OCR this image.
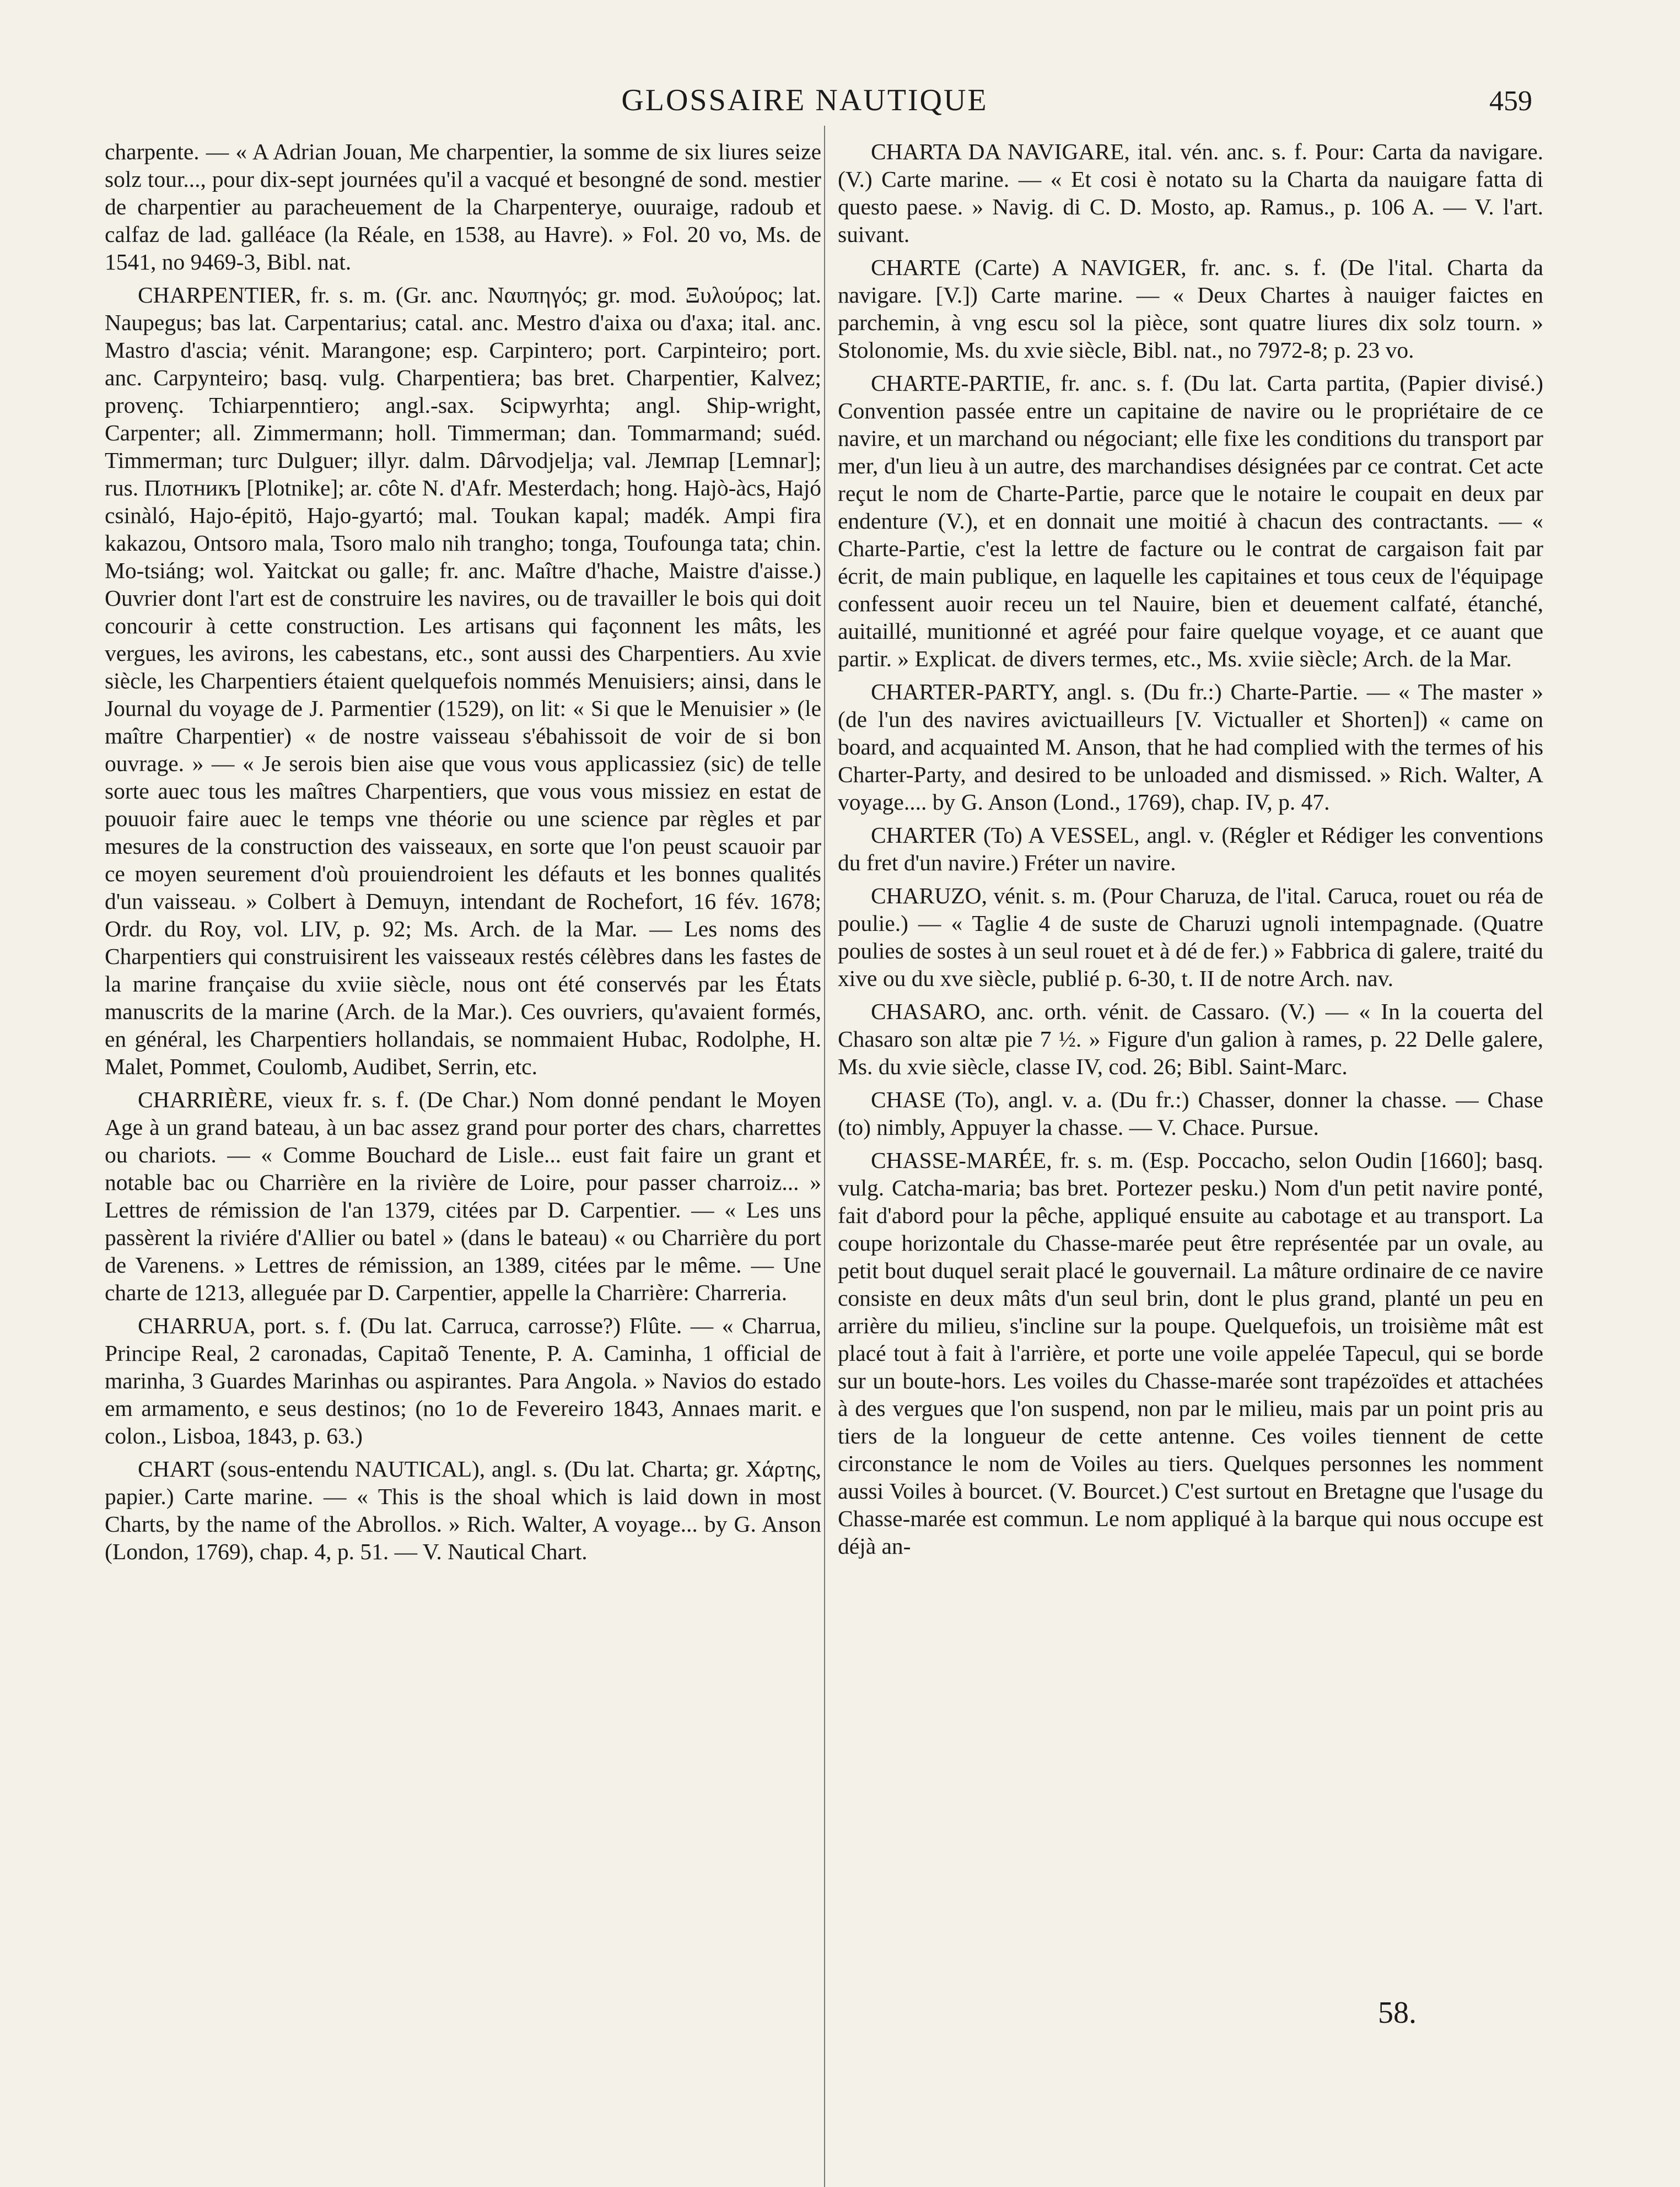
GLOSSAIRE NAUTIQUE	459

charpente. — « A Adrian Jouan, Me charpentier, la somme de six liures seize solz tour..., pour dix-sept journées qu'il a vacqué et besongné de sond. mestier de charpentier au paracheuement de la Charpenterye, ouuraige, radoub et calfaz de lad. galléace (la Réale, en 1538, au Havre). » Fol. 20 vo, Ms. de 1541, no 9469-3, Bibl. nat.

CHARPENTIER, fr. s. m. (Gr. anc. Ναυπηγός; gr. mod. Ξυλούρος; lat. Naupegus; bas lat. Carpentarius; catal. anc. Mestro d'aixa ou d'axa; ital. anc. Mastro d'ascia; vénit. Marangone; esp. Carpintero; port. Carpinteiro; port. anc. Carpynteiro; basq. vulg. Charpentiera; bas bret. Charpentier, Kalvez; provenç. Tchiarpenntiero; angl.-sax. Scipwyrhta; angl. Ship-wright, Carpenter; all. Zimmermann; holl. Timmerman; dan. Tommarmand; suéd. Timmerman; turc Dulguer; illyr. dalm. Dârvodjelja; val. Лемпар [Lemnar]; rus. Плотникъ [Plotnike]; ar. côte N. d'Afr. Mesterdach; hong. Hajò-àcs, Hajó csinàló, Hajo-épitö, Hajo-gyartó; mal. Toukan kapal; madék. Ampi fira kakazou, Ontsoro mala, Tsoro malo nih trangho; tonga, Toufounga tata; chin. Mo-tsiáng; wol. Yaitckat ou galle; fr. anc. Maître d'hache, Maistre d'aisse.) Ouvrier dont l'art est de construire les navires, ou de travailler le bois qui doit concourir à cette construction. Les artisans qui façonnent les mâts, les vergues, les avirons, les cabestans, etc., sont aussi des Charpentiers. Au xvie siècle, les Charpentiers étaient quelquefois nommés Menuisiers; ainsi, dans le Journal du voyage de J. Parmentier (1529), on lit: « Si que le Menuisier » (le maître Charpentier) « de nostre vaisseau s'ébahissoit de voir de si bon ouvrage. » — « Je serois bien aise que vous vous applicassiez (sic) de telle sorte auec tous les maîtres Charpentiers, que vous vous missiez en estat de pouuoir faire auec le temps vne théorie ou une science par règles et par mesures de la construction des vaisseaux, en sorte que l'on peust scauoir par ce moyen seurement d'où prouiendroient les défauts et les bonnes qualités d'un vaisseau. » Colbert à Demuyn, intendant de Rochefort, 16 fév. 1678; Ordr. du Roy, vol. LIV, p. 92; Ms. Arch. de la Mar. — Les noms des Charpentiers qui construisirent les vaisseaux restés célèbres dans les fastes de la marine française du xviie siècle, nous ont été conservés par les États manuscrits de la marine (Arch. de la Mar.). Ces ouvriers, qu'avaient formés, en général, les Charpentiers hollandais, se nommaient Hubac, Rodolphe, H. Malet, Pommet, Coulomb, Audibet, Serrin, etc.

CHARRIÈRE, vieux fr. s. f. (De Char.) Nom donné pendant le Moyen Age à un grand bateau, à un bac assez grand pour porter des chars, charrettes ou chariots. — « Comme Bouchard de Lisle... eust fait faire un grant et notable bac ou Charrière en la rivière de Loire, pour passer charroiz... » Lettres de rémission de l'an 1379, citées par D. Carpentier. — « Les uns passèrent la riviére d'Allier ou batel » (dans le bateau) « ou Charrière du port de Varenens. » Lettres de rémission, an 1389, citées par le même. — Une charte de 1213, alleguée par D. Carpentier, appelle la Charrière: Charreria.

CHARRUA, port. s. f. (Du lat. Carruca, carrosse?) Flûte. — « Charrua, Principe Real, 2 caronadas, Capitaõ Tenente, P. A. Caminha, 1 official de marinha, 3 Guardes Marinhas ou aspirantes. Para Angola. » Navios do estado em armamento, e seus destinos; (no 1o de Fevereiro 1843, Annaes marit. e colon., Lisboa, 1843, p. 63.)

CHART (sous-entendu NAUTICAL), angl. s. (Du lat. Charta; gr. Χάρτης, papier.) Carte marine. — « This is the shoal which is laid down in most Charts, by the name of the Abrollos. » Rich. Walter, A voyage... by G. Anson (London, 1769), chap. 4, p. 51. — V. Nautical Chart.

CHARTA DA NAVIGARE, ital. vén. anc. s. f. Pour: Carta da navigare. (V.) Carte marine. — « Et cosi è notato su la Charta da nauigare fatta di questo paese. » Navig. di C. D. Mosto, ap. Ramus., p. 106 A. — V. l'art. suivant.

CHARTE (Carte) A NAVIGER, fr. anc. s. f. (De l'ital. Charta da navigare. [V.]) Carte marine. — « Deux Chartes à nauiger faictes en parchemin, à vng escu sol la pièce, sont quatre liures dix solz tourn. » Stolonomie, Ms. du xvie siècle, Bibl. nat., no 7972-8; p. 23 vo.

CHARTE-PARTIE, fr. anc. s. f. (Du lat. Carta partita, (Papier divisé.) Convention passée entre un capitaine de navire ou le propriétaire de ce navire, et un marchand ou négociant; elle fixe les conditions du transport par mer, d'un lieu à un autre, des marchandises désignées par ce contrat. Cet acte reçut le nom de Charte-Partie, parce que le notaire le coupait en deux par endenture (V.), et en donnait une moitié à chacun des contractants. — « Charte-Partie, c'est la lettre de facture ou le contrat de cargaison fait par écrit, de main publique, en laquelle les capitaines et tous ceux de l'équipage confessent auoir receu un tel Nauire, bien et deuement calfaté, étanché, auitaillé, munitionné et agréé pour faire quelque voyage, et ce auant que partir. » Explicat. de divers termes, etc., Ms. xviie siècle; Arch. de la Mar.

CHARTER-PARTY, angl. s. (Du fr.:) Charte-Partie. — « The master » (de l'un des navires avictuailleurs [V. Victualler et Shorten]) « came on board, and acquainted M. Anson, that he had complied with the termes of his Charter-Party, and desired to be unloaded and dismissed. » Rich. Walter, A voyage.... by G. Anson (Lond., 1769), chap. IV, p. 47.

CHARTER (To) A VESSEL, angl. v. (Régler et Rédiger les conventions du fret d'un navire.) Fréter un navire.

CHARUZO, vénit. s. m. (Pour Charuza, de l'ital. Caruca, rouet ou réa de poulie.) — « Taglie 4 de suste de Charuzi ugnoli intempagnade. (Quatre poulies de sostes à un seul rouet et à dé de fer.) » Fabbrica di galere, traité du xive ou du xve siècle, publié p. 6-30, t. II de notre Arch. nav.

CHASARO, anc. orth. vénit. de Cassaro. (V.) — « In la couerta del Chasaro son altæ pie 7 ½. » Figure d'un galion à rames, p. 22 Delle galere, Ms. du xvie siècle, classe IV, cod. 26; Bibl. Saint-Marc.

CHASE (To), angl. v. a. (Du fr.:) Chasser, donner la chasse. — Chase (to) nimbly, Appuyer la chasse. — V. Chace. Pursue.

CHASSE-MARÉE, fr. s. m. (Esp. Poccacho, selon Oudin [1660]; basq. vulg. Catcha-maria; bas bret. Portezer pesku.) Nom d'un petit navire ponté, fait d'abord pour la pêche, appliqué ensuite au cabotage et au transport. La coupe horizontale du Chasse-marée peut être représentée par un ovale, au petit bout duquel serait placé le gouvernail. La mâture ordinaire de ce navire consiste en deux mâts d'un seul brin, dont le plus grand, planté un peu en arrière du milieu, s'incline sur la poupe. Quelquefois, un troisième mât est placé tout à fait à l'arrière, et porte une voile appelée Tapecul, qui se borde sur un boute-hors. Les voiles du Chasse-marée sont trapézoïdes et attachées à des vergues que l'on suspend, non par le milieu, mais par un point pris au tiers de la longueur de cette antenne. Ces voiles tiennent de cette circonstance le nom de Voiles au tiers. Quelques personnes les nomment aussi Voiles à bourcet. (V. Bourcet.) C'est surtout en Bretagne que l'usage du Chasse-marée est commun. Le nom appliqué à la barque qui nous occupe est déjà an-

58.
